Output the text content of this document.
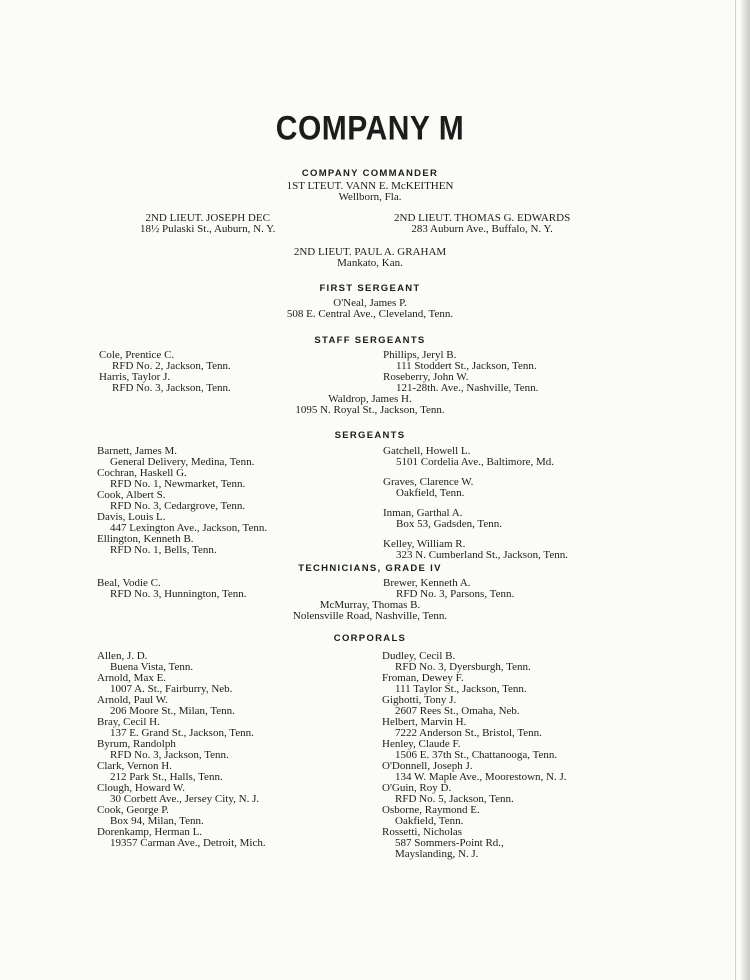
COMPANY M
COMPANY COMMANDER
1ST LTEUT. VANN E. McKEITHEN
Wellborn, Fla.
2ND LIEUT. JOSEPH DEC
18½ Pulaski St., Auburn, N. Y.
2ND LIEUT. THOMAS G. EDWARDS
283 Auburn Ave., Buffalo, N. Y.
2ND LIEUT. PAUL A. GRAHAM
Mankato, Kan.
FIRST SERGEANT
O'Neal, James P.
508 E. Central Ave., Cleveland, Tenn.
STAFF SERGEANTS
Cole, Prentice C.
RFD No. 2, Jackson, Tenn.
Harris, Taylor J.
RFD No. 3, Jackson, Tenn.
Phillips, Jeryl B.
111 Stoddert St., Jackson, Tenn.
Roseberry, John W.
121-28th. Ave., Nashville, Tenn.
Waldrop, James H.
1095 N. Royal St., Jackson, Tenn.
SERGEANTS
Barnett, James M.
General Delivery, Medina, Tenn.
Cochran, Haskell G.
RFD No. 1, Newmarket, Tenn.
Cook, Albert S.
RFD No. 3, Cedargrove, Tenn.
Davis, Louis L.
447 Lexington Ave., Jackson, Tenn.
Ellington, Kenneth B.
RFD No. 1, Bells, Tenn.
Gatchell, Howell L.
5101 Cordelia Ave., Baltimore, Md.
Graves, Clarence W.
Oakfield, Tenn.
Inman, Garthal A.
Box 53, Gadsden, Tenn.
Kelley, William R.
323 N. Cumberland St., Jackson, Tenn.
TECHNICIANS, GRADE IV
Beal, Vodie C.
RFD No. 3, Hunnington, Tenn.
Brewer, Kenneth A.
RFD No. 3, Parsons, Tenn.
McMurray, Thomas B.
Nolensville Road, Nashville, Tenn.
CORPORALS
Allen, J. D.
Buena Vista, Tenn.
Arnold, Max E.
1007 A. St., Fairburry, Neb.
Arnold, Paul W.
206 Moore St., Milan, Tenn.
Bray, Cecil H.
137 E. Grand St., Jackson, Tenn.
Byrum, Randolph
RFD No. 3, Jackson, Tenn.
Clark, Vernon H.
212 Park St., Halls, Tenn.
Clough, Howard W.
30 Corbett Ave., Jersey City, N. J.
Cook, George P.
Box 94, Milan, Tenn.
Dorenkamp, Herman L.
19357 Carman Ave., Detroit, Mich.
Dudley, Cecil B.
RFD No. 3, Dyersburgh, Tenn.
Froman, Dewey F.
111 Taylor St., Jackson, Tenn.
Gighotti, Tony J.
2607 Rees St., Omaha, Neb.
Helbert, Marvin H.
7222 Anderson St., Bristol, Tenn.
Henley, Claude F.
1506 E. 37th St., Chattanooga, Tenn.
O'Donnell, Joseph J.
134 W. Maple Ave., Moorestown, N. J.
O'Guin, Roy D.
RFD No. 5, Jackson, Tenn.
Osborne, Raymond E.
Oakfield, Tenn.
Rossetti, Nicholas
587 Sommers-Point Rd., Mayslanding, N. J.
